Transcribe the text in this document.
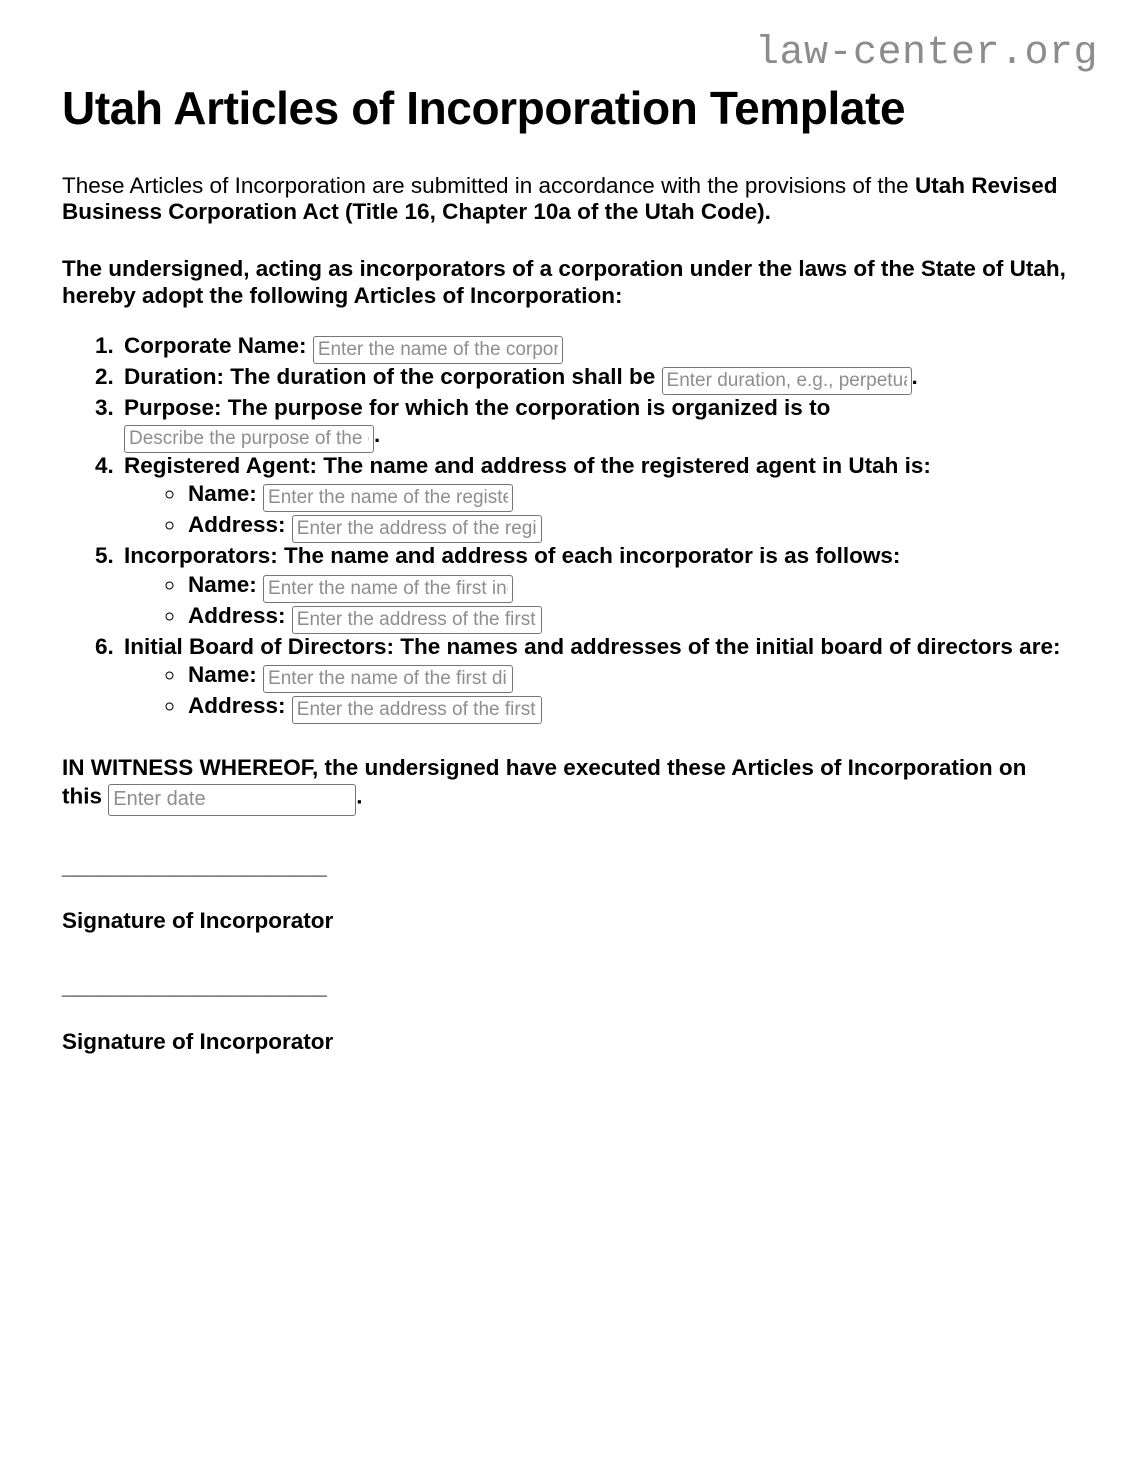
law-center.org
Utah Articles of Incorporation Template

These Articles of Incorporation are submitted in accordance with the provisions of the Utah Revised Business Corporation Act (Title 16, Chapter 10a of the Utah Code).

The undersigned, acting as incorporators of a corporation under the laws of the State of Utah, hereby adopt the following Articles of Incorporation:

1. Corporate Name: Enter the name of the corporation
2. Duration: The duration of the corporation shall be Enter duration, e.g., perpetual	.
3. Purpose: The purpose for which the corporation is organized is to Describe the purpose of the corporation.
4. Registered Agent: The name and address of the registered agent in Utah is:
◦ Name: Enter the name of the registered agent
◦ Address: Enter the address of the registered agent
5. Incorporators: The name and address of each incorporator is as follows:
◦ Name: Enter the name of the first incorporator
◦ Address: Enter the address of the first incorporator
6. Initial Board of Directors: The names and addresses of the initial board of directors are:
◦ Name: Enter the name of the first director
◦ Address: Enter the address of the first director

IN WITNESS WHEREOF, the undersigned have executed these Articles of Incorporation on this Enter date	.

______________________
Signature of Incorporator
______________________
Signature of Incorporator
